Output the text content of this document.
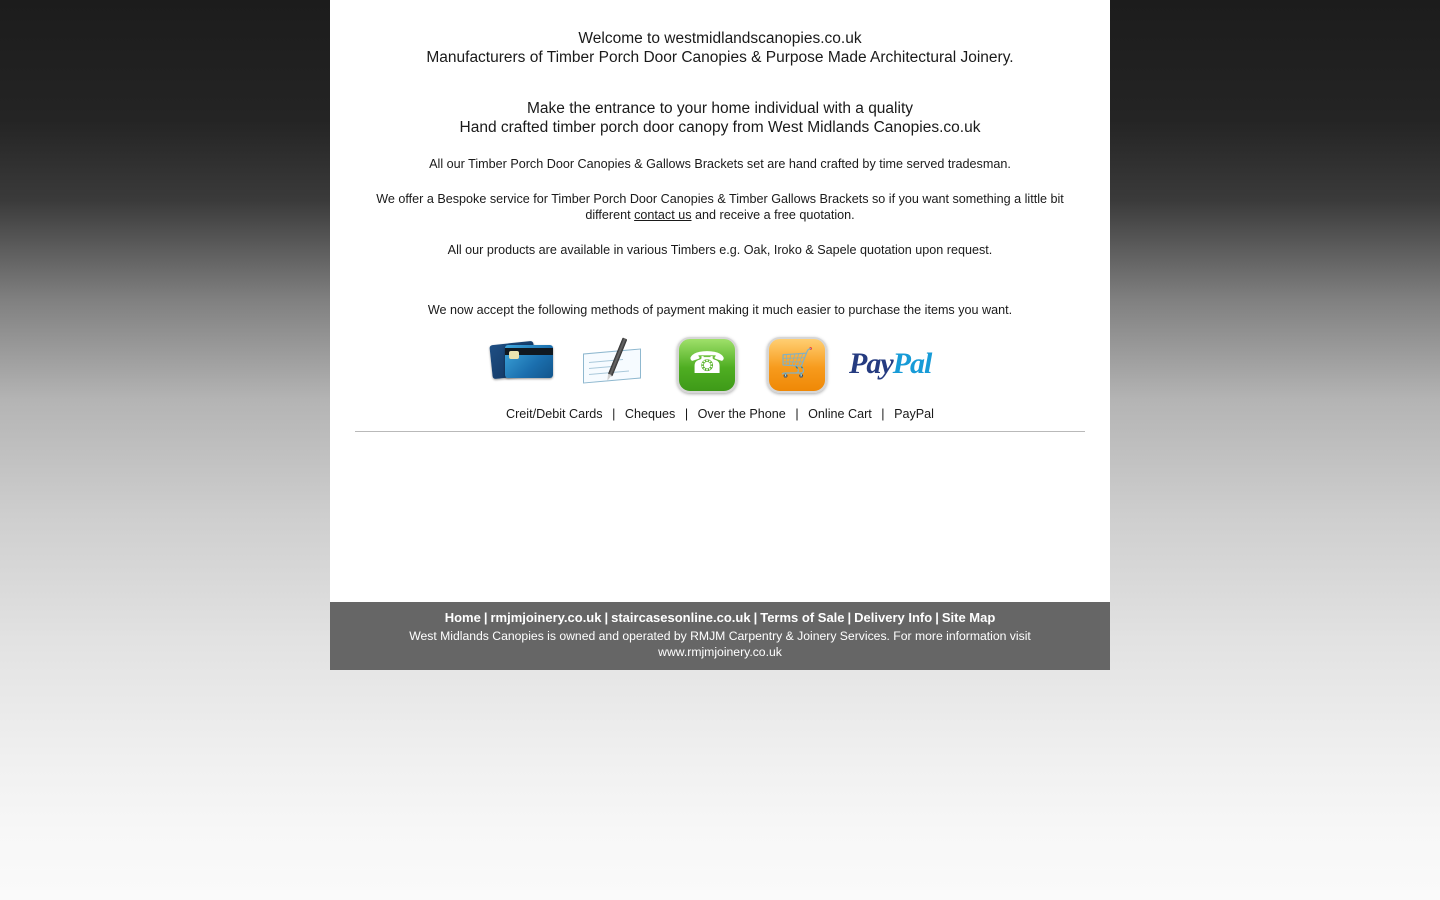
Welcome to westmidlandscanopies.co.uk
Manufacturers of Timber Porch Door Canopies & Purpose Made Architectural Joinery.
Make the entrance to your home individual with a quality
Hand crafted timber porch door canopy from West Midlands Canopies.co.uk
All our Timber Porch Door Canopies & Gallows Brackets set are hand crafted by time served tradesman.
We offer a Bespoke service for Timber Porch Door Canopies & Timber Gallows Brackets so if you want something a little bit different contact us and receive a free quotation.
All our products are available in various Timbers e.g. Oak, Iroko & Sapele quotation upon request.
We now accept the following methods of payment making it much easier to purchase the items you want.
☎	🛒	PayPal
Creit/Debit Cards | Cheques | Over the Phone | Online Cart | PayPal
Home | rmjmjoinery.co.uk | staircasesonline.co.uk | Terms of Sale | Delivery Info | Site Map
West Midlands Canopies is owned and operated by RMJM Carpentry & Joinery Services. For more information visit
www.rmjmjoinery.co.uk
